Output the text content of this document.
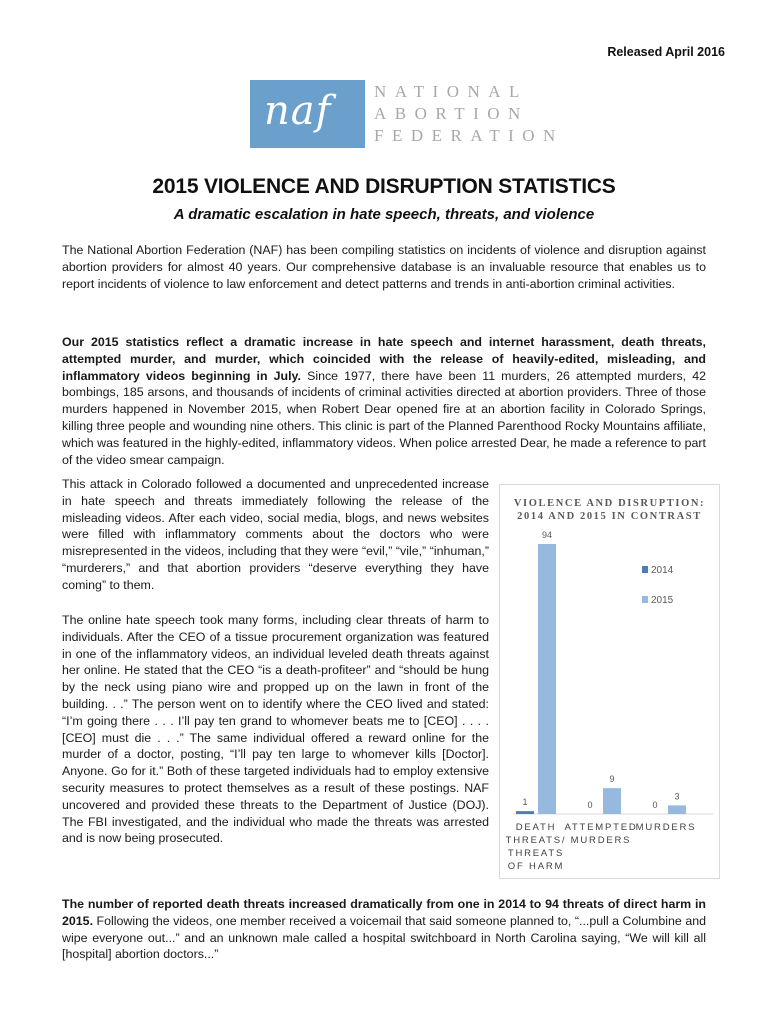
Released April 2016
naf	NATIONAL
ABORTION
FEDERATION
2015 VIOLENCE AND DISRUPTION STATISTICS
A dramatic escalation in hate speech, threats, and violence

The National Abortion Federation (NAF) has been compiling statistics on incidents of violence and disruption against abortion providers for almost 40 years. Our comprehensive database is an invaluable resource that enables us to report incidents of violence to law enforcement and detect patterns and trends in anti-abortion criminal activities.

Our 2015 statistics reflect a dramatic increase in hate speech and internet harassment, death threats, attempted murder, and murder, which coincided with the release of heavily-edited, misleading, and inflammatory videos beginning in July. Since 1977, there have been 11 murders, 26 attempted murders, 42 bombings, 185 arsons, and thousands of incidents of criminal activities directed at abortion providers. Three of those murders happened in November 2015, when Robert Dear opened fire at an abortion facility in Colorado Springs, killing three people and wounding nine others. This clinic is part of the Planned Parenthood Rocky Mountains affiliate, which was featured in the highly-edited, inflammatory videos. When police arrested Dear, he made a reference to part of the video smear campaign.

This attack in Colorado followed a documented and unprecedented increase in hate speech and threats immediately following the release of the misleading videos. After each video, social media, blogs, and news websites were filled with inflammatory comments about the doctors who were misrepresented in the videos, including that they were “evil,” “vile,” “inhuman,” “murderers,” and that abortion providers “deserve everything they have coming” to them.

The online hate speech took many forms, including clear threats of harm to individuals. After the CEO of a tissue procurement organization was featured in one of the inflammatory videos, an individual leveled death threats against her online. He stated that the CEO “is a death-profiteer” and “should be hung by the neck using piano wire and propped up on the lawn in front of the building. . .” The person went on to identify where the CEO lived and stated: “I’m going there . . . I’ll pay ten grand to whomever beats me to [CEO] . . . . [CEO] must die . . .” The same individual offered a reward online for the murder of a doctor, posting, “I’ll pay ten large to whomever kills [Doctor]. Anyone. Go for it.” Both of these targeted individuals had to employ extensive security measures to protect themselves as a result of these postings. NAF uncovered and provided these threats to the Department of Justice (DOJ). The FBI investigated, and the individual who made the threats was arrested and is now being prosecuted.

VIOLENCE AND DISRUPTION:
2014 AND 2015 IN CONTRAST
1
94
DEATH
THREATS/
THREATS
OF HARM
0
9
ATTEMPTED
MURDERS
0
3
MURDERS
2014
2015

The number of reported death threats increased dramatically from one in 2014 to 94 threats of direct harm in 2015. Following the videos, one member received a voicemail that said someone planned to, “...pull a Columbine and wipe everyone out...” and an unknown male called a hospital switchboard in North Carolina saying, “We will kill all [hospital] abortion doctors...”
